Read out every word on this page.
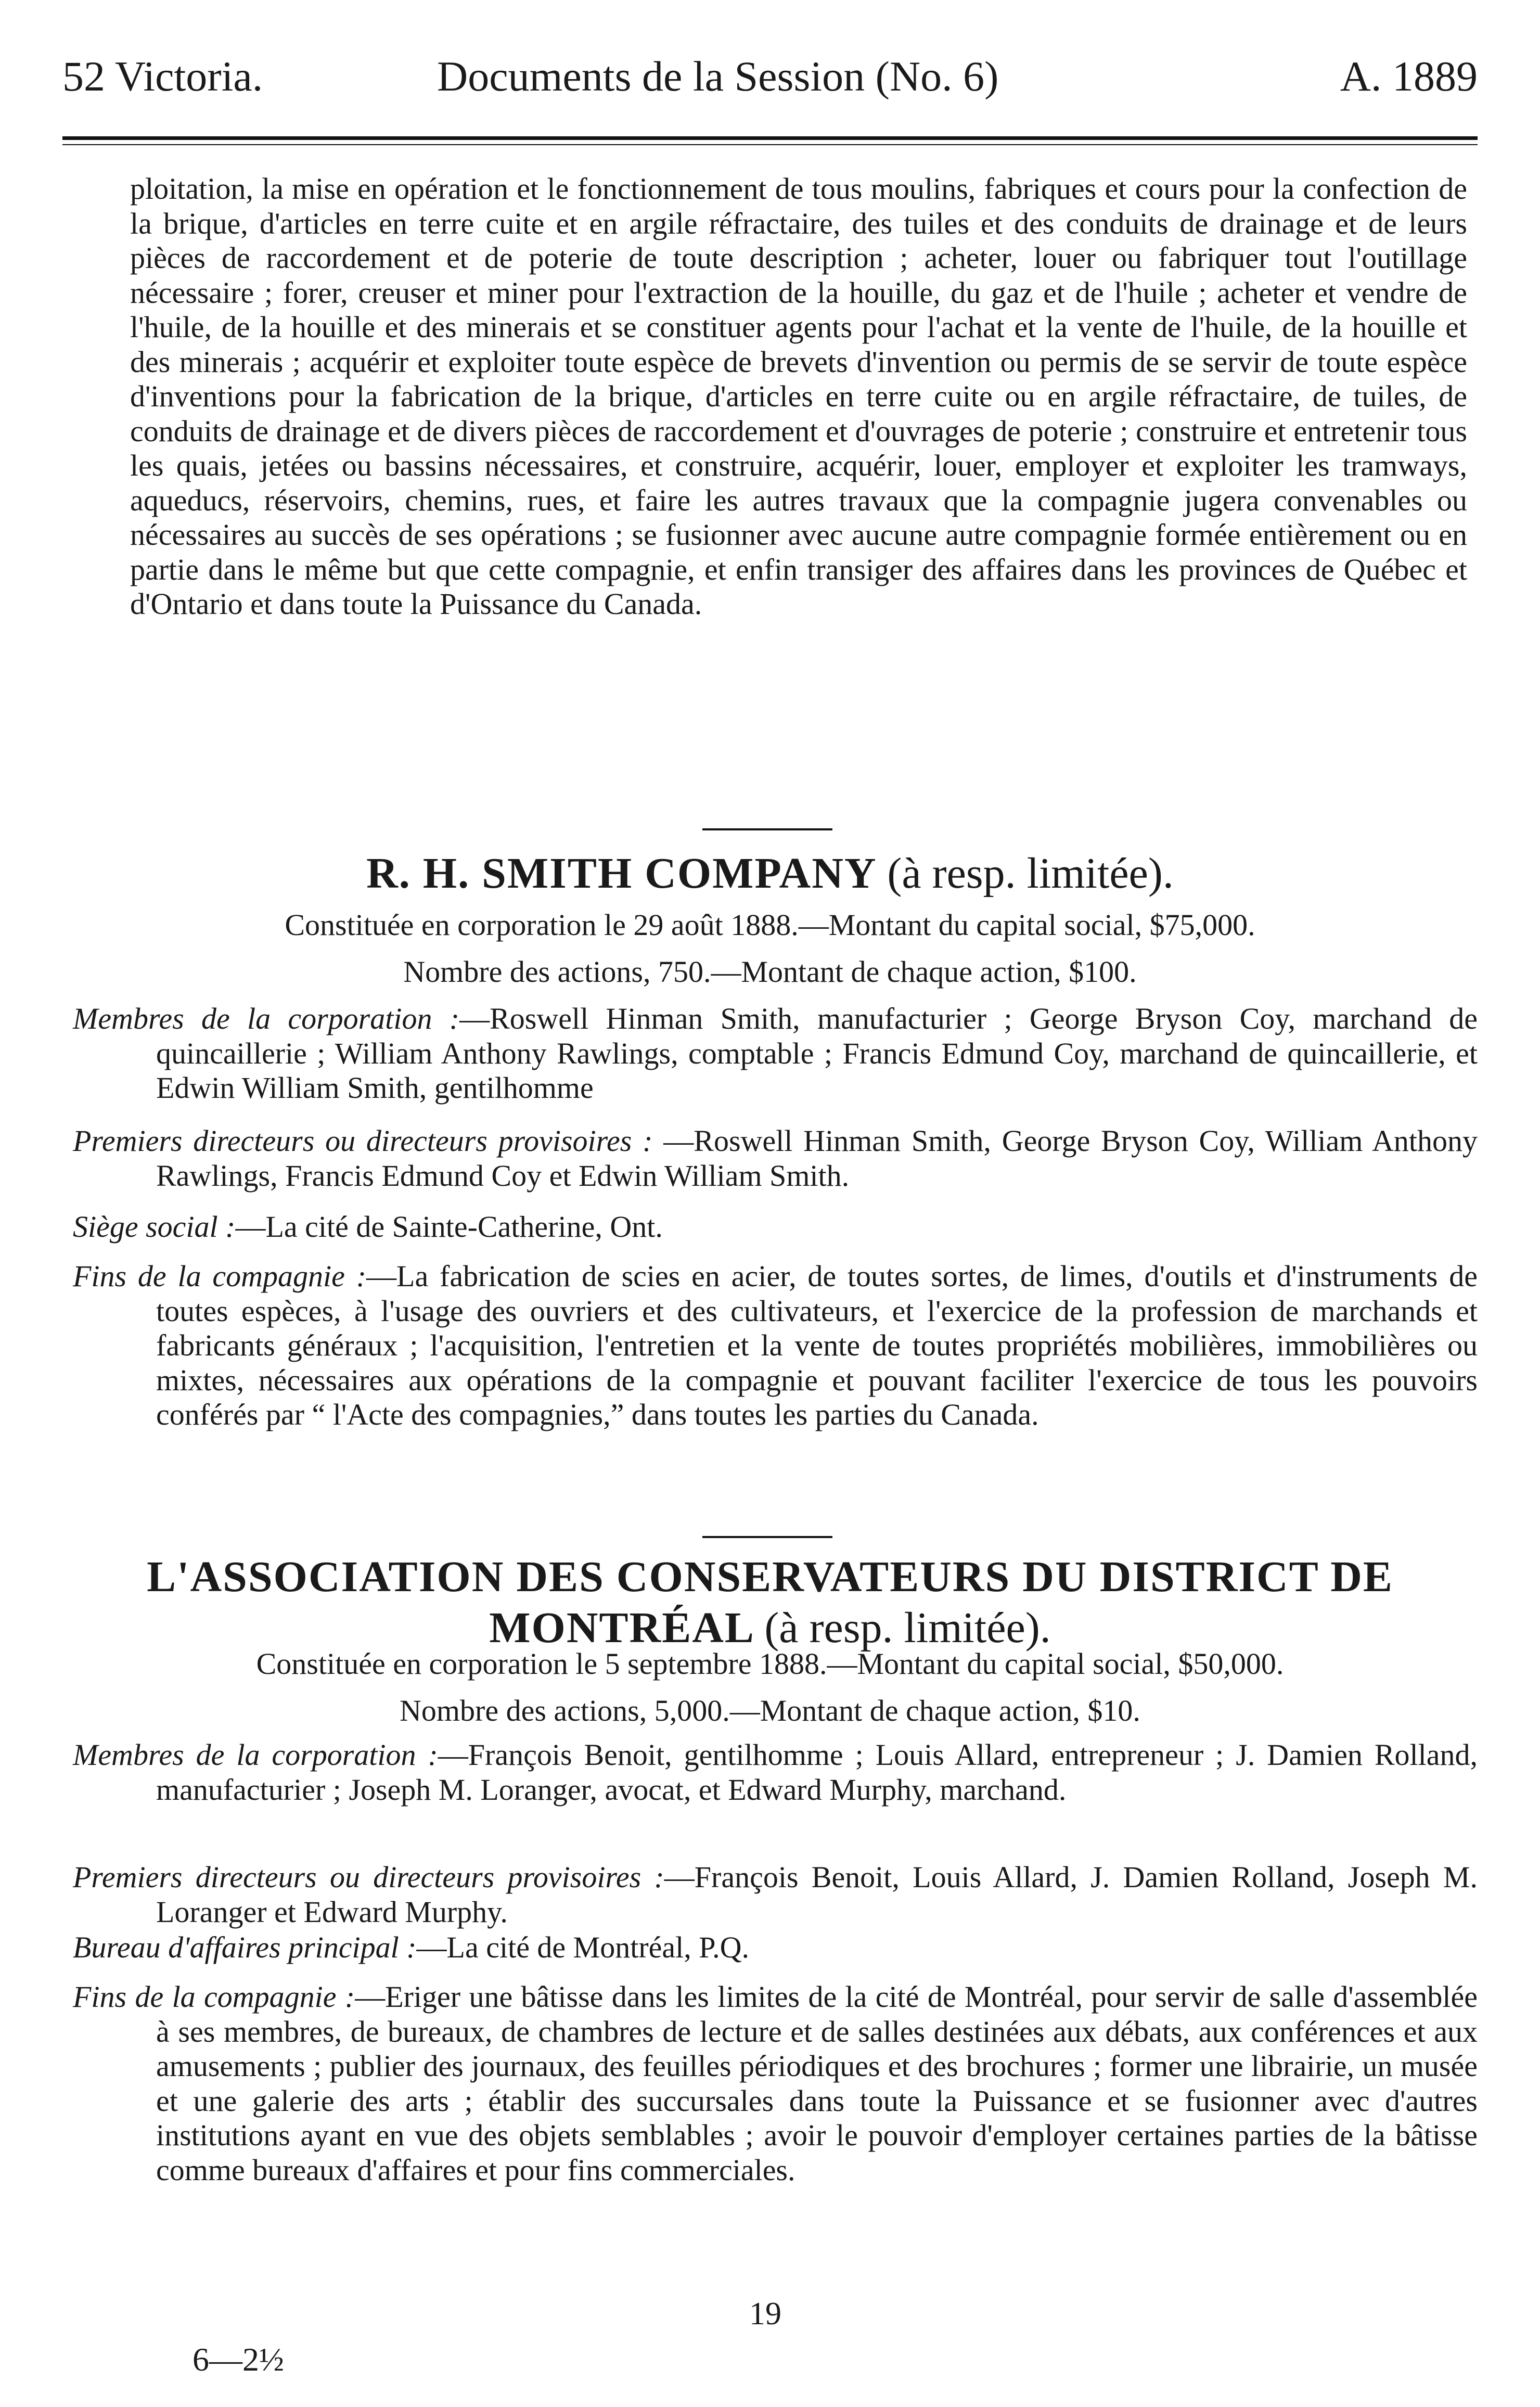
52 Victoria.	Documents de la Session (No. 6)	A. 1889
ploitation, la mise en opération et le fonctionnement de tous moulins, fabriques et cours pour la confection de la brique, d'articles en terre cuite et en argile réfractaire, des tuiles et des conduits de drainage et de leurs pièces de raccordement et de poterie de toute description ; acheter, louer ou fabriquer tout l'outillage nécessaire ; forer, creuser et miner pour l'extraction de la houille, du gaz et de l'huile ; acheter et vendre de l'huile, de la houille et des minerais et se constituer agents pour l'achat et la vente de l'huile, de la houille et des minerais ; acquérir et exploiter toute espèce de brevets d'invention ou permis de se servir de toute espèce d'inventions pour la fabrication de la brique, d'articles en terre cuite ou en argile réfractaire, de tuiles, de conduits de drainage et de divers pièces de raccordement et d'ouvrages de poterie ; construire et entretenir tous les quais, jetées ou bassins nécessaires, et construire, acquérir, louer, employer et exploiter les tramways, aqueducs, réservoirs, chemins, rues, et faire les autres travaux que la compagnie jugera convenables ou nécessaires au succès de ses opérations ; se fusionner avec aucune autre compagnie formée entièrement ou en partie dans le même but que cette compagnie, et enfin transiger des affaires dans les provinces de Québec et d'Ontario et dans toute la Puissance du Canada.
R. H. SMITH COMPANY (à resp. limitée).
Constituée en corporation le 29 août 1888.—Montant du capital social, $75,000.
Nombre des actions, 750.—Montant de chaque action, $100.
Membres de la corporation :—Roswell Hinman Smith, manufacturier ; George Bryson Coy, marchand de quincaillerie ; William Anthony Rawlings, comptable ; Francis Edmund Coy, marchand de quincaillerie, et Edwin William Smith, gentilhomme
Premiers directeurs ou directeurs provisoires : —Roswell Hinman Smith, George Bryson Coy, William Anthony Rawlings, Francis Edmund Coy et Edwin William Smith.
Siège social :—La cité de Sainte-Catherine, Ont.
Fins de la compagnie :—La fabrication de scies en acier, de toutes sortes, de limes, d'outils et d'instruments de toutes espèces, à l'usage des ouvriers et des cultivateurs, et l'exercice de la profession de marchands et fabricants généraux ; l'acquisition, l'entretien et la vente de toutes propriétés mobilières, immobilières ou mixtes, nécessaires aux opérations de la compagnie et pouvant faciliter l'exercice de tous les pouvoirs conférés par “ l'Acte des compagnies,” dans toutes les parties du Canada.
L'ASSOCIATION DES CONSERVATEURS DU DISTRICT DE MONTRÉAL (à resp. limitée).
Constituée en corporation le 5 septembre 1888.—Montant du capital social, $50,000.
Nombre des actions, 5,000.—Montant de chaque action, $10.
Membres de la corporation :—François Benoit, gentilhomme ; Louis Allard, entrepreneur ; J. Damien Rolland, manufacturier ; Joseph M. Loranger, avocat, et Edward Murphy, marchand.
Premiers directeurs ou directeurs provisoires :—François Benoit, Louis Allard, J. Damien Rolland, Joseph M. Loranger et Edward Murphy.
Bureau d'affaires principal :—La cité de Montréal, P.Q.
Fins de la compagnie :—Eriger une bâtisse dans les limites de la cité de Montréal, pour servir de salle d'assemblée à ses membres, de bureaux, de chambres de lecture et de salles destinées aux débats, aux conférences et aux amusements ; publier des journaux, des feuilles périodiques et des brochures ; former une librairie, un musée et une galerie des arts ; établir des succursales dans toute la Puissance et se fusionner avec d'autres institutions ayant en vue des objets semblables ; avoir le pouvoir d'employer certaines parties de la bâtisse comme bureaux d'affaires et pour fins commerciales.
19
6—2½
